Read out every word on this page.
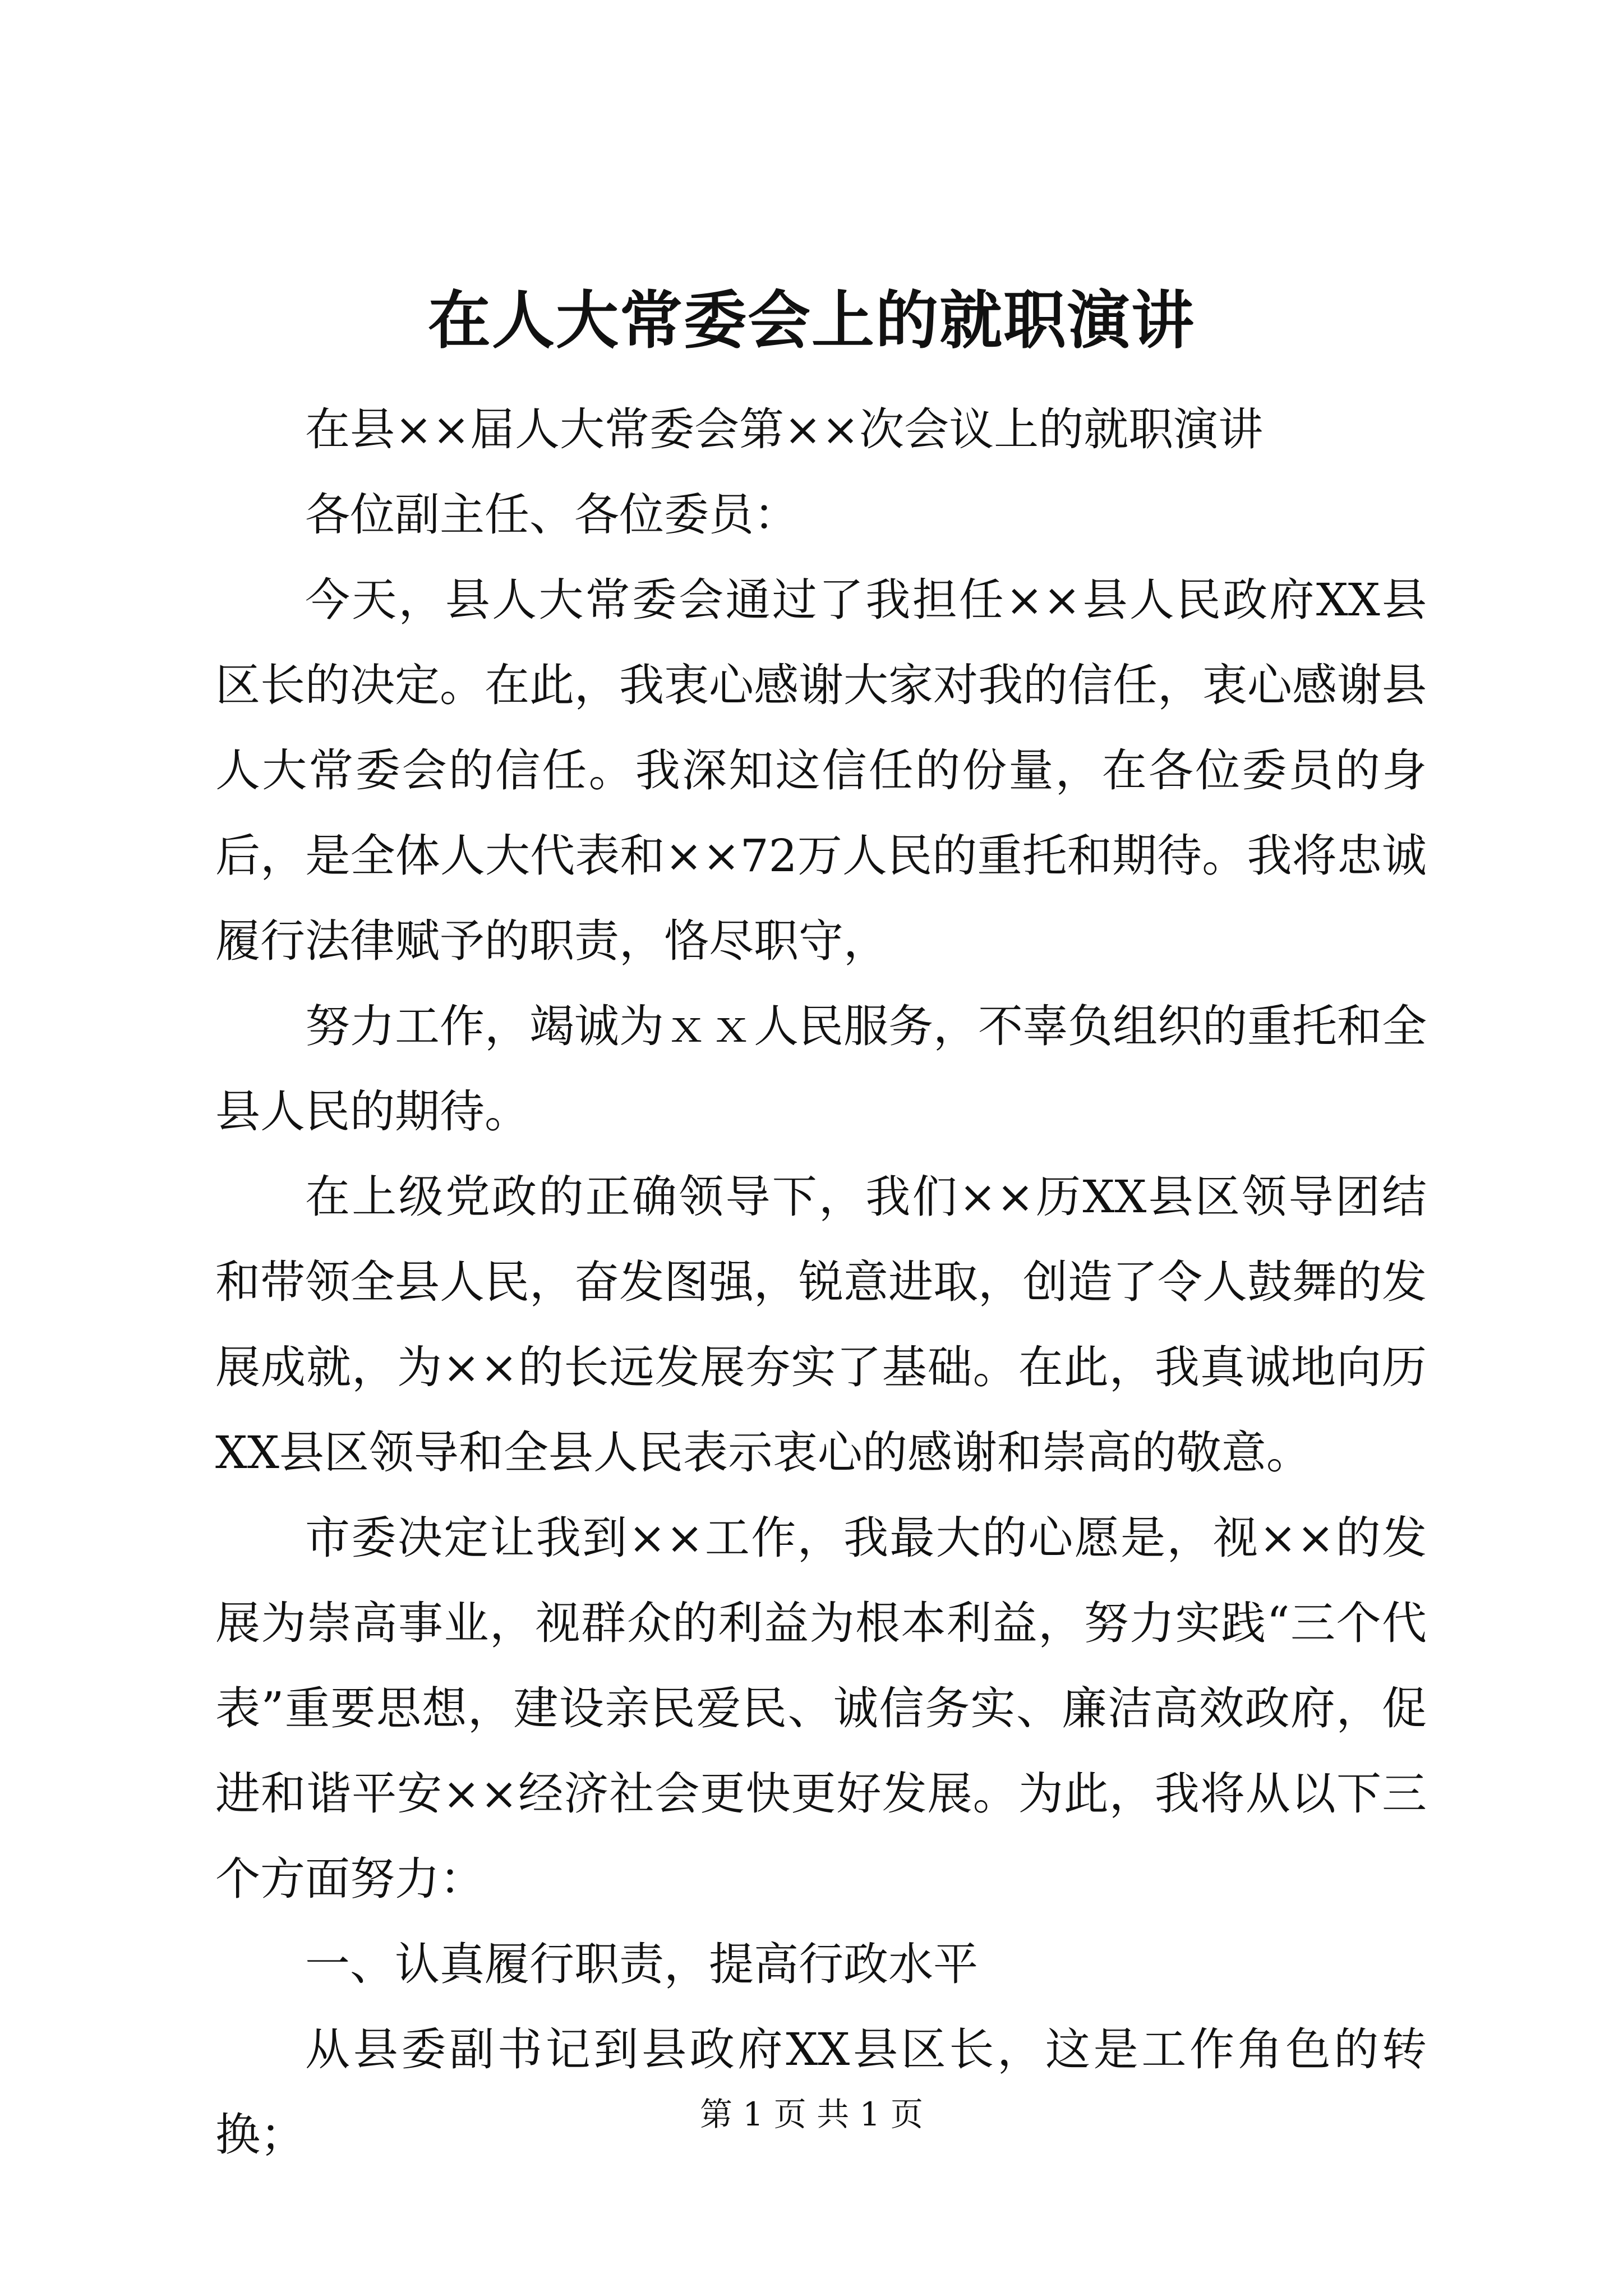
在人大常委会上的就职演讲

在县××届人大常委会第××次会议上的就职演讲

各位副主任、各位委员：

今天，县人大常委会通过了我担任××县人民政府XX县区长的决定。在此，我衷心感谢大家对我的信任，衷心感谢县人大常委会的信任。我深知这信任的份量，在各位委员的身后，是全体人大代表和××72万人民的重托和期待。我将忠诚履行法律赋予的职责，恪尽职守，

努力工作，竭诚为ｘｘ人民服务，不辜负组织的重托和全县人民的期待。

在上级党政的正确领导下，我们××历XX县区领导团结和带领全县人民，奋发图强，锐意进取，创造了令人鼓舞的发展成就，为××的长远发展夯实了基础。在此，我真诚地向历XX县区领导和全县人民表示衷心的感谢和崇高的敬意。

市委决定让我到××工作，我最大的心愿是，视××的发展为崇高事业，视群众的利益为根本利益，努力实践“三个代表”重要思想，建设亲民爱民、诚信务实、廉洁高效政府，促进和谐平安××经济社会更快更好发展。为此，我将从以下三个方面努力：

一、认真履行职责，提高行政水平

从县委副书记到县政府XX县区长，这是工作角色的转换；	第 1 页 共 1 页
